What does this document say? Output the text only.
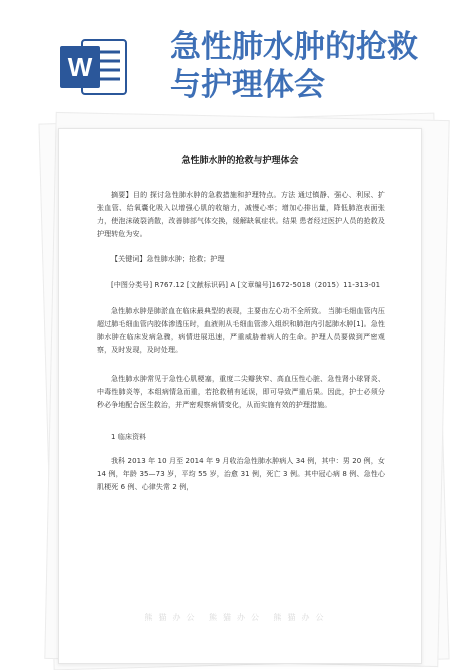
W
急性肺水肿的抢救
与护理体会
急性肺水肿的抢救与护理体会
摘要】目的 探讨急性肺水肿的急救措施和护理特点。方法 通过镇静、强心、利尿、扩张血管、给氧囊化吸入以增强心肌的收缩力，减慢心率；增加心排出量，降低肺泡表面张力，使泡沫破裂消散，改善肺部气体交换，缓解缺氧症状。结果 患者经过医护人员的抢救及护理转危为安。
【关键词】急性肺水肿；抢救；护理
[中图分类号] R767.12 [文献标识码] A [文章编号]1672-5018（2015）11-313-01
急性肺水肿是肺淤血在临床最典型的表现，主要由左心功不全所致。 当肺毛细血管内压超过肺毛细血管内胶体渗透压时，血液则从毛细血管渗入组织和肺泡内引起肺水肿[1]。急性肺水肿在临床发病急骤，病情进展迅速，严重威胁着病人的生命。护理人员要做到严密观察，及时发现，及时处理。
急性肺水肿常见于急性心肌梗塞，重度二尖瓣狭窄、高血压性心脏、急性肾小球肾炎、中毒性肺炎等，本组病情急而重，若抢救稍有延误，即可导致严重后果。因此，护士必须分秒必争地配合医生救治，并严密观察病情变化，从而实施有效的护理措施。
1 临床资料
我科 2013 年 10 月至 2014 年 9 月收治急性肺水肿病人 34 例，其中：男 20 例，女 14 例，年龄 35—73 岁，平均 55 岁，治愈 31 例，死亡 3 例。其中冠心病 8 例、急性心肌梗死 6 例、心律失常 2 例，
熊猫办公 熊猫办公 熊猫办公
